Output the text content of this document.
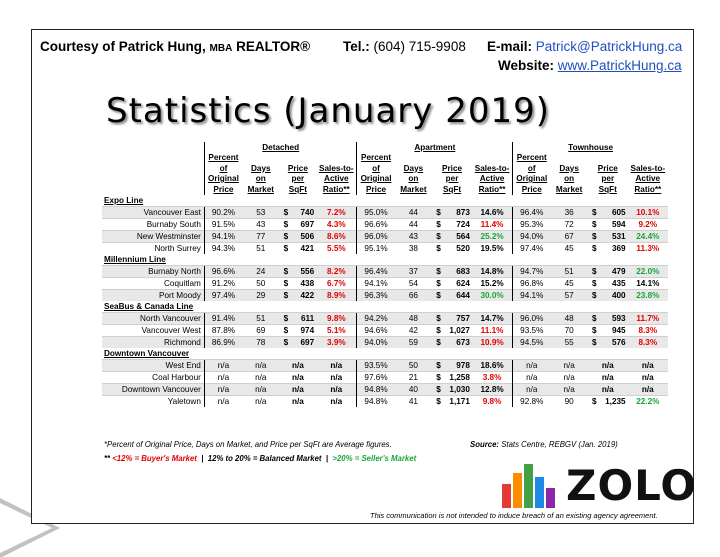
Courtesy of Patrick Hung, MBA REALTOR® Tel.: (604) 715-9908 E-mail: Patrick@PatrickHung.ca
Website: www.PatrickHung.ca
Statistics (January 2019)
	Detached				Apartment				Townhouse			
	Percent
of
Original
Price	Days
on
Market	Price
per
SqFt	Sales-to-
Active
Ratio**	Percent
of
Original
Price	Days
on
Market	Price
per
SqFt	Sales-to-
Active
Ratio**	Percent
of
Original
Price	Days
on
Market	Price
per
SqFt	Sales-to-
Active
Ratio**
Expo Line												
Vancouver East	90.2%	53	$ 740	7.2%	95.0%	44	$ 873	14.6%	96.4%	36	$ 605	10.1%
Burnaby South	91.5%	43	$ 697	4.3%	96.6%	44	$ 724	11.4%	95.3%	72	$ 594	9.2%
New Westminster	94.1%	77	$ 506	8.6%	96.0%	43	$ 564	25.2%	94.0%	67	$ 531	24.4%
North Surrey	94.3%	51	$ 421	5.5%	95.1%	38	$ 520	19.5%	97.4%	45	$ 369	11.3%
Millennium Line												
Burnaby North	96.6%	24	$ 556	8.2%	96.4%	37	$ 683	14.8%	94.7%	51	$ 479	22.0%
Coquitlam	91.2%	50	$ 438	6.7%	94.1%	54	$ 624	15.2%	96.8%	45	$ 435	14.1%
Port Moody	97.4%	29	$ 422	8.9%	96.3%	66	$ 644	30.0%	94.1%	57	$ 400	23.8%
SeaBus & Canada Line												
North Vancouver	91.4%	51	$ 611	9.8%	94.2%	48	$ 757	14.7%	96.0%	48	$ 593	11.7%
Vancouver West	87.8%	69	$ 974	5.1%	94.6%	42	$ 1,027	11.1%	93.5%	70	$ 945	8.3%
Richmond	86.9%	78	$ 697	3.9%	94.0%	59	$ 673	10.9%	94.5%	55	$ 576	8.3%
Downtown Vancouver												
West End	n/a	n/a	n/a	n/a	93.5%	50	$ 978	18.6%	n/a	n/a	n/a	n/a
Coal Harbour	n/a	n/a	n/a	n/a	97.6%	21	$ 1,258	3.8%	n/a	n/a	n/a	n/a
Downtown Vancouver	n/a	n/a	n/a	n/a	94.8%	40	$ 1,030	12.8%	n/a	n/a	n/a	n/a
Yaletown	n/a	n/a	n/a	n/a	94.8%	41	$ 1,171	9.8%	92.8%	90	$ 1,235	22.2%
*Percent of Original Price, Days on Market, and Price per SqFt are Average figures.	Source: Stats Centre, REBGV (Jan. 2019)
** <12% = Buyer's Market | 12% to 20% = Balanced Market | >20% = Seller's Market
ZOLO
This communication is not intended to induce breach of an existing agency agreement.
